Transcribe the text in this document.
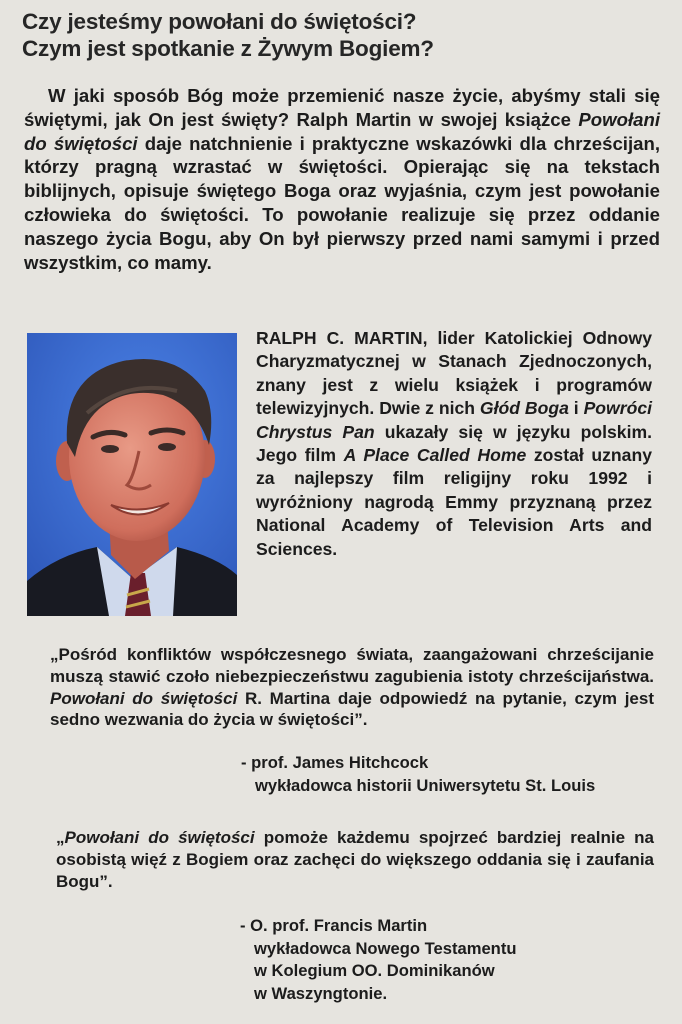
Czy jesteśmy powołani do świętości?
Czym jest spotkanie z Żywym Bogiem?

W jaki sposób Bóg może przemienić nasze życie, abyśmy stali się świętymi, jak On jest święty? Ralph Martin w swojej książce Powołani do świętości daje natchnienie i praktyczne wskazówki dla chrześcijan, którzy pragną wzrastać w świętości. Opierając się na tekstach biblijnych, opisuje świętego Boga oraz wyjaśnia, czym jest powołanie człowieka do świętości. To powołanie realizuje się przez oddanie naszego życia Bogu, aby On był pierwszy przed nami samymi i przed wszystkim, co mamy.

RALPH C. MARTIN, lider Katolickiej Odnowy Charyzmatycznej w Stanach Zjednoczonych, znany jest z wielu książek i programów telewizyjnych. Dwie z nich Głód Boga i Powróci Chrystus Pan ukazały się w języku polskim. Jego film A Place Called Home został uznany za najlepszy film religijny roku 1992 i wyróżniony nagrodą Emmy przyznaną przez National Academy of Television Arts and Sciences.

„Pośród konfliktów współczesnego świata, zaangażowani chrześcijanie muszą stawić czoło niebezpieczeństwu zagubienia istoty chrześcijaństwa. Powołani do świętości R. Martina daje odpowiedź na pytanie, czym jest sedno wezwania do życia w świętości”.

- prof. James Hitchcock
wykładowca historii Uniwersytetu St. Louis

„Powołani do świętości pomoże każdemu spojrzeć bardziej realnie na osobistą więź z Bogiem oraz zachęci do większego oddania się i zaufania Bogu”.

- O. prof. Francis Martin
wykładowca Nowego Testamentu
w Kolegium OO. Dominikanów
w Waszyngtonie.
